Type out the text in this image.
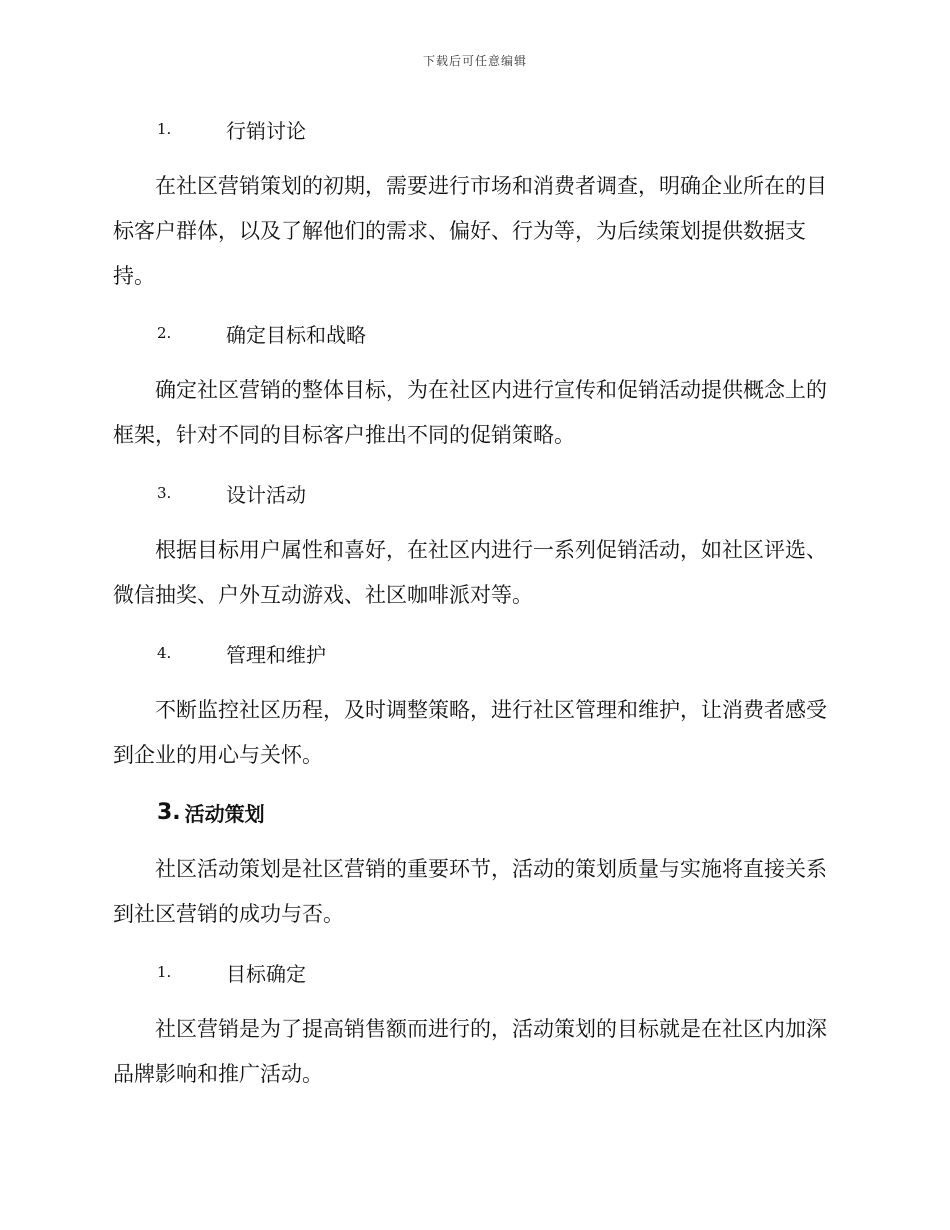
下载后可任意编辑
1.	行销讨论

在社区营销策划的初期，需要进行市场和消费者调查，明确企业所在的目标客户群体，以及了解他们的需求、偏好、行为等，为后续策划提供数据支持。

2.	确定目标和战略

确定社区营销的整体目标，为在社区内进行宣传和促销活动提供概念上的框架，针对不同的目标客户推出不同的促销策略。

3.	设计活动

根据目标用户属性和喜好，在社区内进行一系列促销活动，如社区评选、微信抽奖、户外互动游戏、社区咖啡派对等。

4.	管理和维护

不断监控社区历程，及时调整策略，进行社区管理和维护，让消费者感受到企业的用心与关怀。

3. 活动策划

社区活动策划是社区营销的重要环节，活动的策划质量与实施将直接关系到社区营销的成功与否。

1.	目标确定

社区营销是为了提高销售额而进行的，活动策划的目标就是在社区内加深品牌影响和推广活动。
